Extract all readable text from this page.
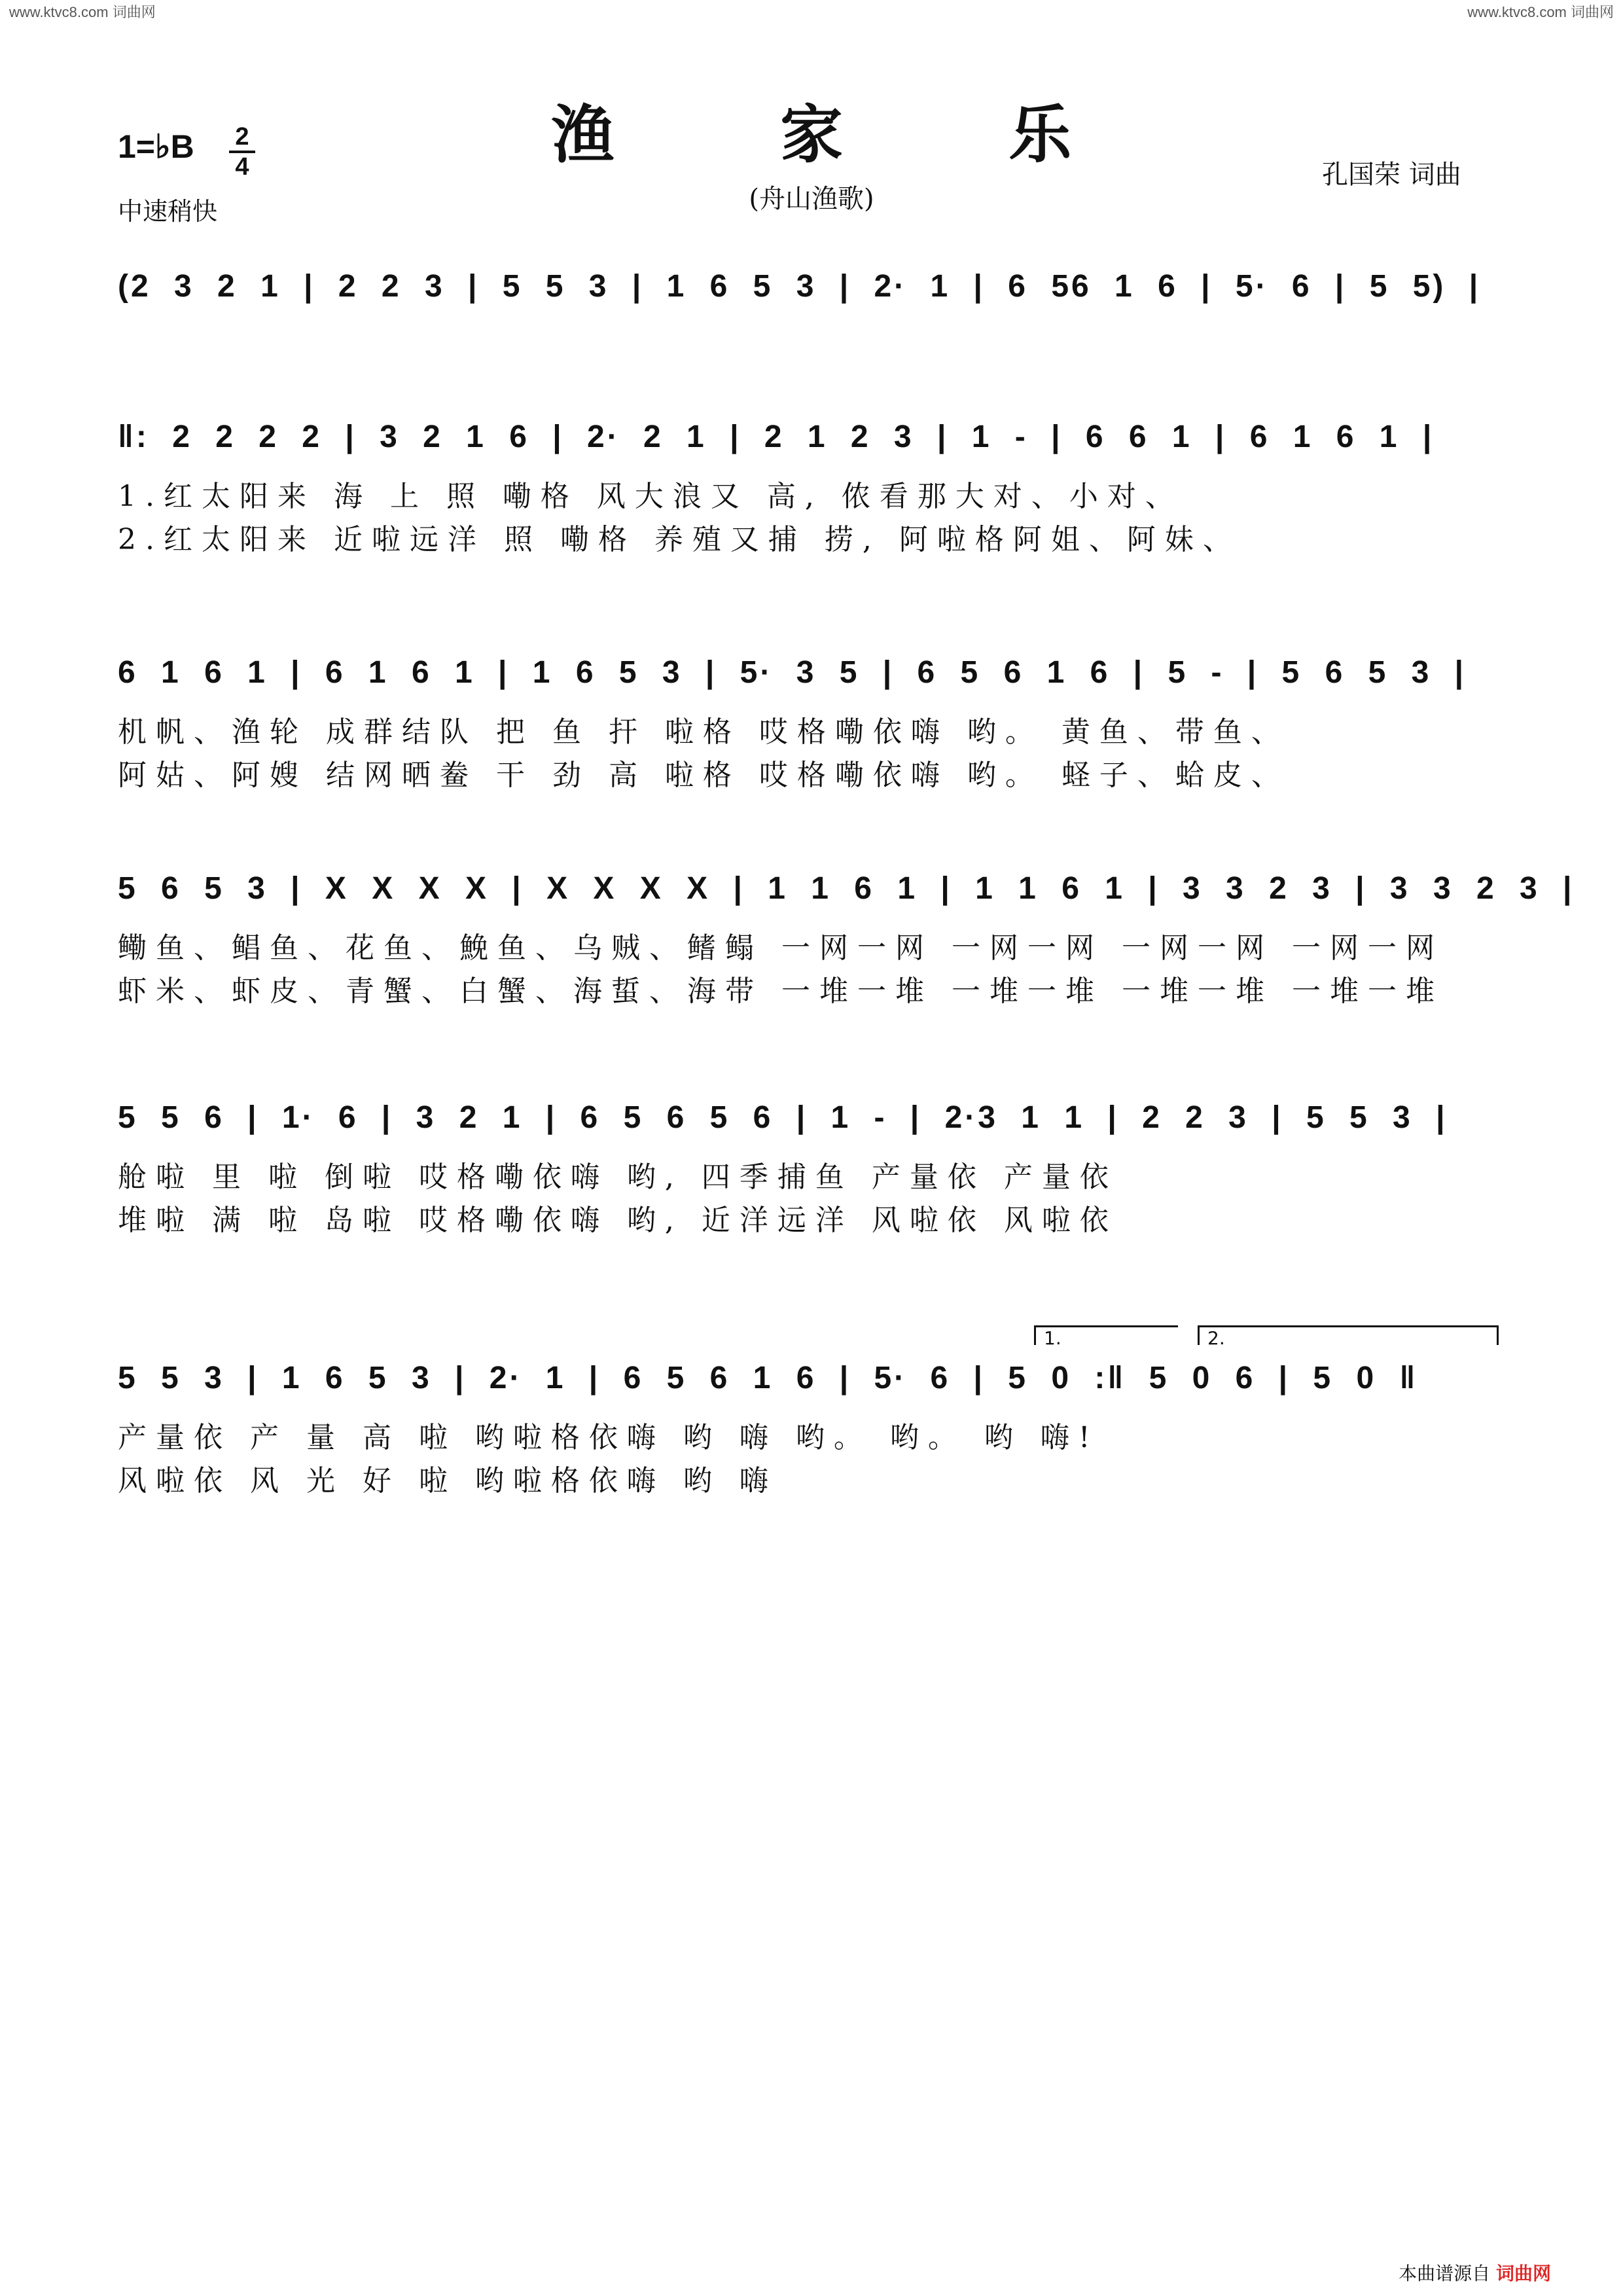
www.ktvc8.com 词曲网	www.ktvc8.com 词曲网
渔 家 乐
(舟山渔歌)
1=♭B 2
4
中速稍快
孔国荣 词曲
(2 3 2 1 | 2 2 3 | 5 5 3 | 1 6 5 3 | 2· 1 | 6 56 1 6 | 5· 6 | 5 5) |
‖: 2 2 2 2 | 3 2 1 6 | 2· 2 1 | 2 1 2 3 | 1 - | 6 6 1 | 6 1 6 1 |
1.红太阳来 海 上 照 嘞格 风大浪又 高, 侬看那大对、小对、
2.红太阳来 近啦远洋 照 嘞格 养殖又捕 捞, 阿啦格阿姐、阿妹、
6 1 6 1 | 6 1 6 1 | 1 6 5 3 | 5· 3 5 | 6 5 6 1 6 | 5 - | 5 6 5 3 |
机帆、渔轮 成群结队 把 鱼 扞 啦格 哎格嘞依嗨 哟。 黄鱼、带鱼、
阿姑、阿嫂 结网晒鲞 干 劲 高 啦格 哎格嘞依嗨 哟。 蛏子、蛤皮、
5 6 5 3 | X X X X | X X X X | 1 1 6 1 | 1 1 6 1 | 3 3 2 3 | 3 3 2 3 |
鳓鱼、鲳鱼、花鱼、鮸鱼、乌贼、鳍鳎 一网一网 一网一网 一网一网 一网一网
虾米、虾皮、青蟹、白蟹、海蜇、海带 一堆一堆 一堆一堆 一堆一堆 一堆一堆
5 5 6 | 1· 6 | 3 2 1 | 6 5 6 5 6 | 1 - | 2·3 1 1 | 2 2 3 | 5 5 3 |
舱啦 里 啦 倒啦 哎格嘞依嗨 哟, 四季捕鱼 产量依 产量依
堆啦 满 啦 岛啦 哎格嘞依嗨 哟, 近洋远洋 风啦依 风啦依
1.	2.
5 5 3 | 1 6 5 3 | 2· 1 | 6 5 6 1 6 | 5· 6 | 5 0 :‖ 5 0 6 | 5 0 ‖
产量依 产 量 高 啦 哟啦格依嗨 哟 嗨 哟。 哟。 哟 嗨!
风啦依 风 光 好 啦 哟啦格依嗨 哟 嗨
本曲谱源自 词曲网
